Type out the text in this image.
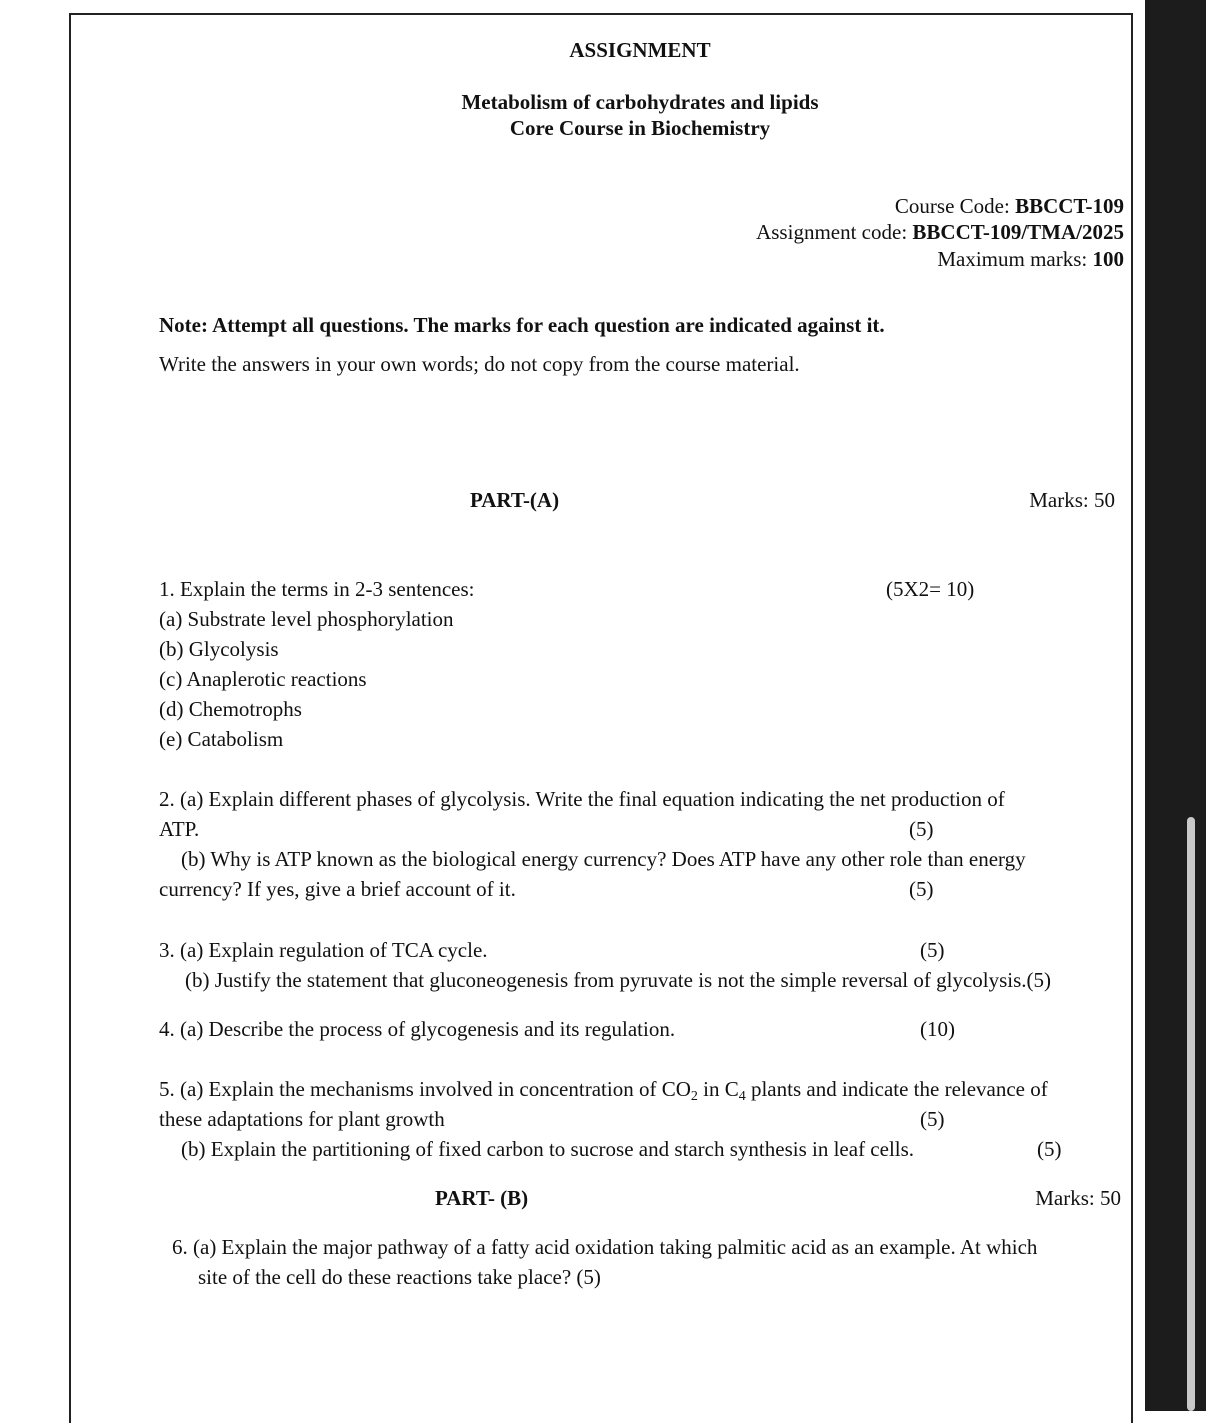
ASSIGNMENT
Metabolism of carbohydrates and lipids
Core Course in Biochemistry
Course Code: BBCCT-109
Assignment code: BBCCT-109/TMA/2025
Maximum marks: 100
Note: Attempt all questions. The marks for each question are indicated against it.
Write the answers in your own words; do not copy from the course material.
PART-(A)	Marks: 50
1. Explain the terms in 2-3 sentences:	(5X2= 10)
(a) Substrate level phosphorylation
(b) Glycolysis
(c) Anaplerotic reactions
(d) Chemotrophs
(e) Catabolism
2. (a) Explain different phases of glycolysis. Write the final equation indicating the net production of
ATP.	(5)
(b) Why is ATP known as the biological energy currency? Does ATP have any other role than energy
currency? If yes, give a brief account of it.	(5)
3. (a) Explain regulation of TCA cycle.	(5)
(b) Justify the statement that gluconeogenesis from pyruvate is not the simple reversal of glycolysis.(5)
4. (a) Describe the process of glycogenesis and its regulation.	(10)
5. (a) Explain the mechanisms involved in concentration of $CO_2$ in $C_4$ plants and indicate the relevance of
these adaptations for plant growth	(5)
(b) Explain the partitioning of fixed carbon to sucrose and starch synthesis in leaf cells.	(5)
PART- (B)	Marks: 50
6. (a) Explain the major pathway of a fatty acid oxidation taking palmitic acid as an example. At which
site of the cell do these reactions take place? (5)
